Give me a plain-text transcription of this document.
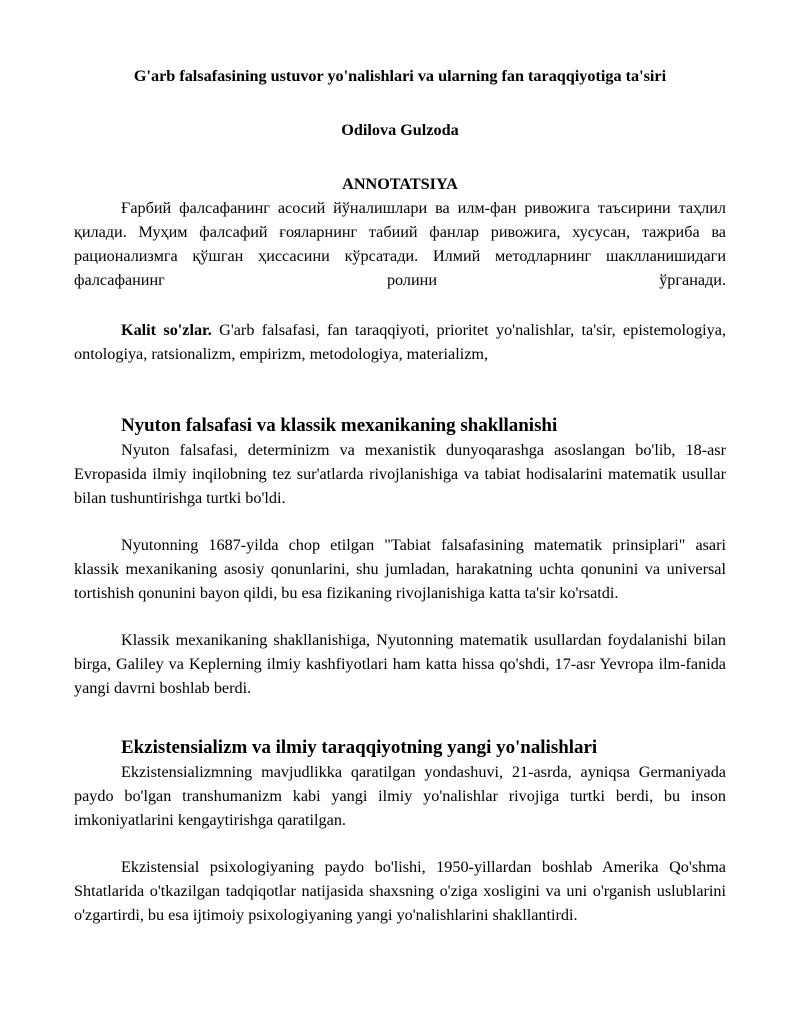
G'arb falsafasining ustuvor yo'nalishlari va ularning fan taraqqiyotiga ta'siri
Odilova Gulzoda
ANNOTATSIYA

Ғарбий фалсафанинг асосий йўналишлари ва илм-фан ривожига таъсирини таҳлил қилади. Муҳим фалсафий ғояларнинг табиий фанлар ривожига, хусусан, тажриба ва рационализмга қўшган ҳиссасини кўрсатади. Илмий методларнинг шаклланишидаги фалсафанинг ролини ўрганади.

Kalit so'zlar. G'arb falsafasi, fan taraqqiyoti, prioritet yo'nalishlar, ta'sir, epistemologiya, ontologiya, ratsionalizm, empirizm, metodologiya, materializm,

Nyuton falsafasi va klassik mexanikaning shakllanishi

Nyuton falsafasi, determinizm va mexanistik dunyoqarashga asoslangan bo'lib, 18-asr Evropasida ilmiy inqilobning tez sur'atlarda rivojlanishiga va tabiat hodisalarini matematik usullar bilan tushuntirishga turtki bo'ldi.

Nyutonning 1687-yilda chop etilgan "Tabiat falsafasining matematik prinsiplari" asari klassik mexanikaning asosiy qonunlarini, shu jumladan, harakatning uchta qonunini va universal tortishish qonunini bayon qildi, bu esa fizikaning rivojlanishiga katta ta'sir ko'rsatdi.

Klassik mexanikaning shakllanishiga, Nyutonning matematik usullardan foydalanishi bilan birga, Galiley va Keplerning ilmiy kashfiyotlari ham katta hissa qo'shdi, 17-asr Yevropa ilm-fanida yangi davrni boshlab berdi.

Ekzistensializm va ilmiy taraqqiyotning yangi yo'nalishlari

Ekzistensializmning mavjudlikka qaratilgan yondashuvi, 21-asrda, ayniqsa Germaniyada paydo bo'lgan transhumanizm kabi yangi ilmiy yo'nalishlar rivojiga turtki berdi, bu inson imkoniyatlarini kengaytirishga qaratilgan.

Ekzistensial psixologiyaning paydo bo'lishi, 1950-yillardan boshlab Amerika Qo'shma Shtatlarida o'tkazilgan tadqiqotlar natijasida shaxsning o'ziga xosligini va uni o'rganish uslublarini o'zgartirdi, bu esa ijtimoiy psixologiyaning yangi yo'nalishlarini shakllantirdi.
